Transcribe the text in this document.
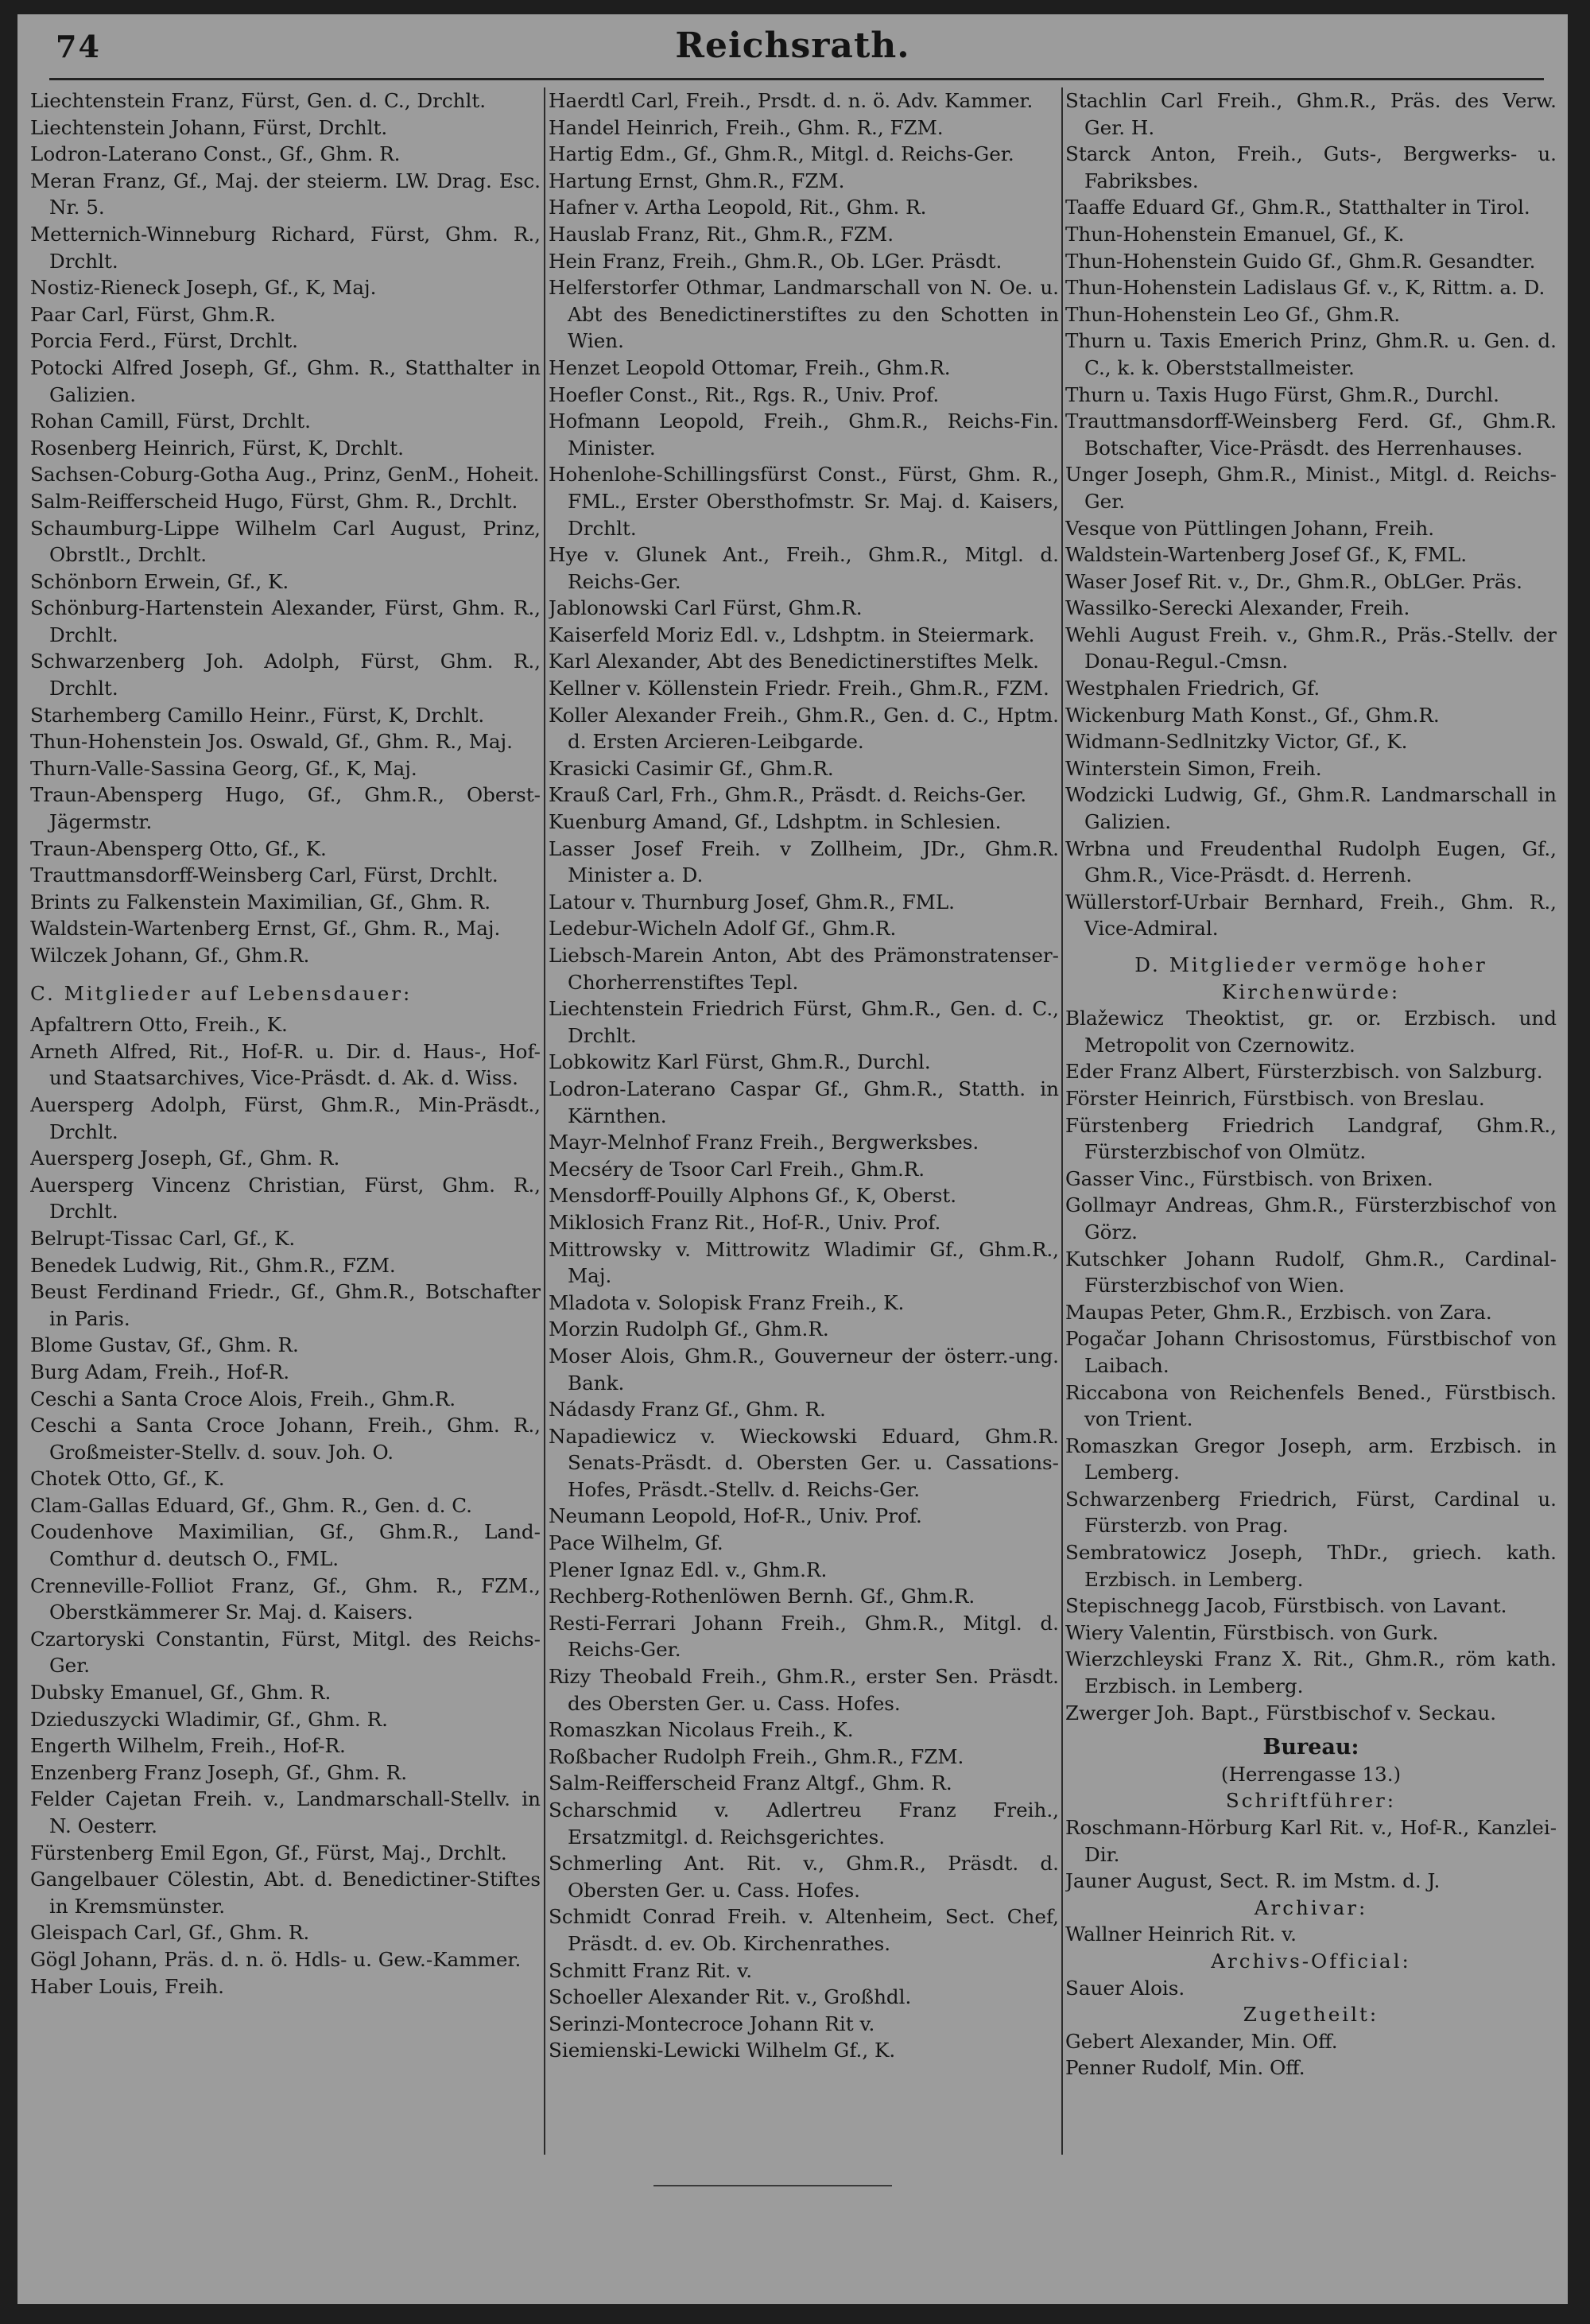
74	Reichsrath.

Liechtenstein Franz, Fürst, Gen. d. C., Drchlt.

Liechtenstein Johann, Fürst, Drchlt.

Lodron-Laterano Const., Gf., Ghm. R.

Meran Franz, Gf., Maj. der steierm. LW. Drag. Esc. Nr. 5.

Metternich-Winneburg Richard, Fürst, Ghm. R., Drchlt.

Nostiz-Rieneck Joseph, Gf., K, Maj.

Paar Carl, Fürst, Ghm.R.

Porcia Ferd., Fürst, Drchlt.

Potocki Alfred Joseph, Gf., Ghm. R., Statthalter in Galizien.

Rohan Camill, Fürst, Drchlt.

Rosenberg Heinrich, Fürst, K, Drchlt.

Sachsen-Coburg-Gotha Aug., Prinz, GenM., Hoheit.

Salm-Reifferscheid Hugo, Fürst, Ghm. R., Drchlt.

Schaumburg-Lippe Wilhelm Carl August, Prinz, Obrstlt., Drchlt.

Schönborn Erwein, Gf., K.

Schönburg-Hartenstein Alexander, Fürst, Ghm. R., Drchlt.

Schwarzenberg Joh. Adolph, Fürst, Ghm. R., Drchlt.

Starhemberg Camillo Heinr., Fürst, K, Drchlt.

Thun-Hohenstein Jos. Oswald, Gf., Ghm. R., Maj.

Thurn-Valle-Sassina Georg, Gf., K, Maj.

Traun-Abensperg Hugo, Gf., Ghm.R., Oberst-Jägermstr.

Traun-Abensperg Otto, Gf., K.

Trauttmansdorff-Weinsberg Carl, Fürst, Drchlt.

Brints zu Falkenstein Maximilian, Gf., Ghm. R.

Waldstein-Wartenberg Ernst, Gf., Ghm. R., Maj.

Wilczek Johann, Gf., Ghm.R.

C. Mitglieder auf Lebensdauer:

Apfaltrern Otto, Freih., K.

Arneth Alfred, Rit., Hof-R. u. Dir. d. Haus-, Hof- und Staatsarchives, Vice-Präsdt. d. Ak. d. Wiss.

Auersperg Adolph, Fürst, Ghm.R., Min-Präsdt., Drchlt.

Auersperg Joseph, Gf., Ghm. R.

Auersperg Vincenz Christian, Fürst, Ghm. R., Drchlt.

Belrupt-Tissac Carl, Gf., K.

Benedek Ludwig, Rit., Ghm.R., FZM.

Beust Ferdinand Friedr., Gf., Ghm.R., Botschafter in Paris.

Blome Gustav, Gf., Ghm. R.

Burg Adam, Freih., Hof-R.

Ceschi a Santa Croce Alois, Freih., Ghm.R.

Ceschi a Santa Croce Johann, Freih., Ghm. R., Großmeister-Stellv. d. souv. Joh. O.

Chotek Otto, Gf., K.

Clam-Gallas Eduard, Gf., Ghm. R., Gen. d. C.

Coudenhove Maximilian, Gf., Ghm.R., Land-Comthur d. deutsch O., FML.

Crenneville-Folliot Franz, Gf., Ghm. R., FZM., Oberstkämmerer Sr. Maj. d. Kaisers.

Czartoryski Constantin, Fürst, Mitgl. des Reichs-Ger.

Dubsky Emanuel, Gf., Ghm. R.

Dzieduszycki Wladimir, Gf., Ghm. R.

Engerth Wilhelm, Freih., Hof-R.

Enzenberg Franz Joseph, Gf., Ghm. R.

Felder Cajetan Freih. v., Landmarschall-Stellv. in N. Oesterr.

Fürstenberg Emil Egon, Gf., Fürst, Maj., Drchlt.

Gangelbauer Cölestin, Abt. d. Benedictiner-Stiftes in Kremsmünster.

Gleispach Carl, Gf., Ghm. R.

Gögl Johann, Präs. d. n. ö. Hdls- u. Gew.-Kammer.

Haber Louis, Freih.

Haerdtl Carl, Freih., Prsdt. d. n. ö. Adv. Kammer.

Handel Heinrich, Freih., Ghm. R., FZM.

Hartig Edm., Gf., Ghm.R., Mitgl. d. Reichs-Ger.

Hartung Ernst, Ghm.R., FZM.

Hafner v. Artha Leopold, Rit., Ghm. R.

Hauslab Franz, Rit., Ghm.R., FZM.

Hein Franz, Freih., Ghm.R., Ob. LGer. Präsdt.

Helferstorfer Othmar, Landmarschall von N. Oe. u. Abt des Benedictinerstiftes zu den Schotten in Wien.

Henzet Leopold Ottomar, Freih., Ghm.R.

Hoefler Const., Rit., Rgs. R., Univ. Prof.

Hofmann Leopold, Freih., Ghm.R., Reichs-Fin. Minister.

Hohenlohe-Schillingsfürst Const., Fürst, Ghm. R., FML., Erster Obersthofmstr. Sr. Maj. d. Kaisers, Drchlt.

Hye v. Glunek Ant., Freih., Ghm.R., Mitgl. d. Reichs-Ger.

Jablonowski Carl Fürst, Ghm.R.

Kaiserfeld Moriz Edl. v., Ldshptm. in Steiermark.

Karl Alexander, Abt des Benedictinerstiftes Melk.

Kellner v. Köllenstein Friedr. Freih., Ghm.R., FZM.

Koller Alexander Freih., Ghm.R., Gen. d. C., Hptm. d. Ersten Arcieren-Leibgarde.

Krasicki Casimir Gf., Ghm.R.

Krauß Carl, Frh., Ghm.R., Präsdt. d. Reichs-Ger.

Kuenburg Amand, Gf., Ldshptm. in Schlesien.

Lasser Josef Freih. v Zollheim, JDr., Ghm.R. Minister a. D.

Latour v. Thurnburg Josef, Ghm.R., FML.

Ledebur-Wicheln Adolf Gf., Ghm.R.

Liebsch-Marein Anton, Abt des Prämonstratenser-Chorherrenstiftes Tepl.

Liechtenstein Friedrich Fürst, Ghm.R., Gen. d. C., Drchlt.

Lobkowitz Karl Fürst, Ghm.R., Durchl.

Lodron-Laterano Caspar Gf., Ghm.R., Statth. in Kärnthen.

Mayr-Melnhof Franz Freih., Bergwerksbes.

Mecséry de Tsoor Carl Freih., Ghm.R.

Mensdorff-Pouilly Alphons Gf., K, Oberst.

Miklosich Franz Rit., Hof-R., Univ. Prof.

Mittrowsky v. Mittrowitz Wladimir Gf., Ghm.R., Maj.

Mladota v. Solopisk Franz Freih., K.

Morzin Rudolph Gf., Ghm.R.

Moser Alois, Ghm.R., Gouverneur der österr.-ung. Bank.

Nádasdy Franz Gf., Ghm. R.

Napadiewicz v. Wieckowski Eduard, Ghm.R. Senats-Präsdt. d. Obersten Ger. u. Cassations-Hofes, Präsdt.-Stellv. d. Reichs-Ger.

Neumann Leopold, Hof-R., Univ. Prof.

Pace Wilhelm, Gf.

Plener Ignaz Edl. v., Ghm.R.

Rechberg-Rothenlöwen Bernh. Gf., Ghm.R.

Resti-Ferrari Johann Freih., Ghm.R., Mitgl. d. Reichs-Ger.

Rizy Theobald Freih., Ghm.R., erster Sen. Präsdt. des Obersten Ger. u. Cass. Hofes.

Romaszkan Nicolaus Freih., K.

Roßbacher Rudolph Freih., Ghm.R., FZM.

Salm-Reifferscheid Franz Altgf., Ghm. R.

Scharschmid v. Adlertreu Franz Freih., Ersatzmitgl. d. Reichsgerichtes.

Schmerling Ant. Rit. v., Ghm.R., Präsdt. d. Obersten Ger. u. Cass. Hofes.

Schmidt Conrad Freih. v. Altenheim, Sect. Chef, Präsdt. d. ev. Ob. Kirchenrathes.

Schmitt Franz Rit. v.

Schoeller Alexander Rit. v., Großhdl.

Serinzi-Montecroce Johann Rit v.

Siemienski-Lewicki Wilhelm Gf., K.

Stachlin Carl Freih., Ghm.R., Präs. des Verw. Ger. H.

Starck Anton, Freih., Guts-, Bergwerks- u. Fabriksbes.

Taaffe Eduard Gf., Ghm.R., Statthalter in Tirol.

Thun-Hohenstein Emanuel, Gf., K.

Thun-Hohenstein Guido Gf., Ghm.R. Gesandter.

Thun-Hohenstein Ladislaus Gf. v., K, Rittm. a. D.

Thun-Hohenstein Leo Gf., Ghm.R.

Thurn u. Taxis Emerich Prinz, Ghm.R. u. Gen. d. C., k. k. Oberststallmeister.

Thurn u. Taxis Hugo Fürst, Ghm.R., Durchl.

Trauttmansdorff-Weinsberg Ferd. Gf., Ghm.R. Botschafter, Vice-Präsdt. des Herrenhauses.

Unger Joseph, Ghm.R., Minist., Mitgl. d. Reichs-Ger.

Vesque von Püttlingen Johann, Freih.

Waldstein-Wartenberg Josef Gf., K, FML.

Waser Josef Rit. v., Dr., Ghm.R., ObLGer. Präs.

Wassilko-Serecki Alexander, Freih.

Wehli August Freih. v., Ghm.R., Präs.-Stellv. der Donau-Regul.-Cmsn.

Westphalen Friedrich, Gf.

Wickenburg Math Konst., Gf., Ghm.R.

Widmann-Sedlnitzky Victor, Gf., K.

Winterstein Simon, Freih.

Wodzicki Ludwig, Gf., Ghm.R. Landmarschall in Galizien.

Wrbna und Freudenthal Rudolph Eugen, Gf., Ghm.R., Vice-Präsdt. d. Herrenh.

Wüllerstorf-Urbair Bernhard, Freih., Ghm. R., Vice-Admiral.

D. Mitglieder vermöge hoher

Kirchenwürde:

Blažewicz Theoktist, gr. or. Erzbisch. und Metropolit von Czernowitz.

Eder Franz Albert, Fürsterzbisch. von Salzburg.

Förster Heinrich, Fürstbisch. von Breslau.

Fürstenberg Friedrich Landgraf, Ghm.R., Fürsterzbischof von Olmütz.

Gasser Vinc., Fürstbisch. von Brixen.

Gollmayr Andreas, Ghm.R., Fürsterzbischof von Görz.

Kutschker Johann Rudolf, Ghm.R., Cardinal-Fürsterzbischof von Wien.

Maupas Peter, Ghm.R., Erzbisch. von Zara.

Pogačar Johann Chrisostomus, Fürstbischof von Laibach.

Riccabona von Reichenfels Bened., Fürstbisch. von Trient.

Romaszkan Gregor Joseph, arm. Erzbisch. in Lemberg.

Schwarzenberg Friedrich, Fürst, Cardinal u. Fürsterzb. von Prag.

Sembratowicz Joseph, ThDr., griech. kath. Erzbisch. in Lemberg.

Stepischnegg Jacob, Fürstbisch. von Lavant.

Wiery Valentin, Fürstbisch. von Gurk.

Wierzchleyski Franz X. Rit., Ghm.R., röm kath. Erzbisch. in Lemberg.

Zwerger Joh. Bapt., Fürstbischof v. Seckau.

Bureau:

(Herrengasse 13.)

Schriftführer:

Roschmann-Hörburg Karl Rit. v., Hof-R., Kanzlei-Dir.

Jauner August, Sect. R. im Mstm. d. J.

Archivar:

Wallner Heinrich Rit. v.

Archivs-Official:

Sauer Alois.

Zugetheilt:

Gebert Alexander, Min. Off.

Penner Rudolf, Min. Off.
